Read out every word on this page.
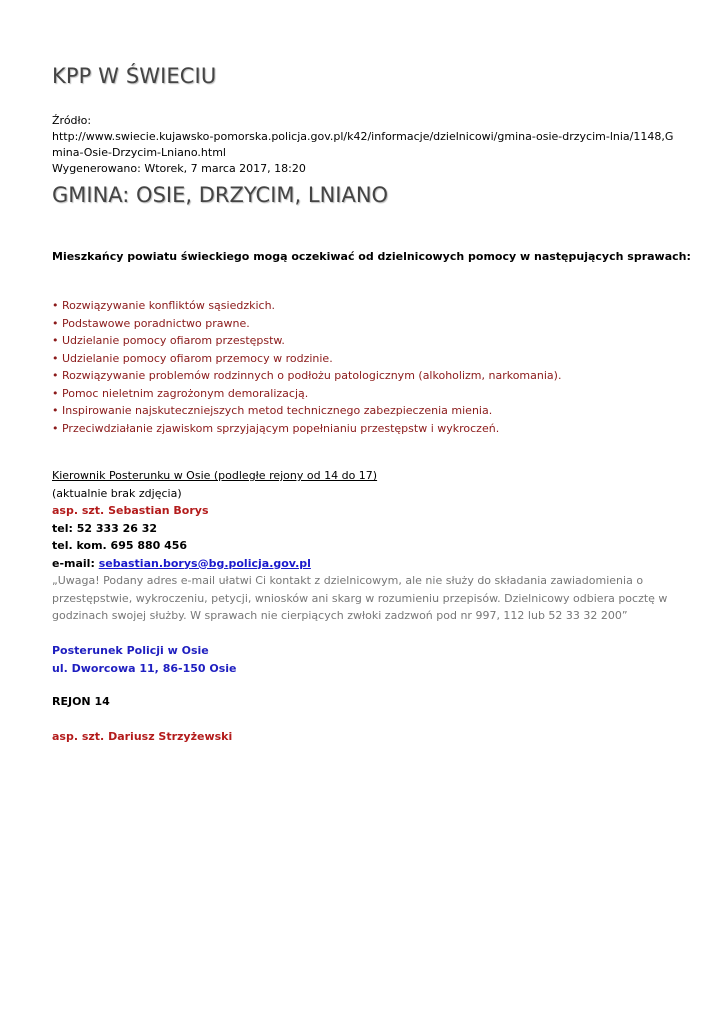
KPP W ŚWIECIU
Źródło:
http://www.swiecie.kujawsko-pomorska.policja.gov.pl/k42/informacje/dzielnicowi/gmina-osie-drzycim-lnia/1148,Gmina-Osie-Drzycim-Lniano.html
Wygenerowano: Wtorek, 7 marca 2017, 18:20
GMINA: OSIE, DRZYCIM, LNIANO

Mieszkańcy powiatu świeckiego mogą oczekiwać od dzielnicowych pomocy w następujących sprawach:

• Rozwiązywanie konfliktów sąsiedzkich.
• Podstawowe poradnictwo prawne.
• Udzielanie pomocy ofiarom przestępstw.
• Udzielanie pomocy ofiarom przemocy w rodzinie.
• Rozwiązywanie problemów rodzinnych o podłożu patologicznym (alkoholizm, narkomania).
• Pomoc nieletnim zagrożonym demoralizacją.
• Inspirowanie najskuteczniejszych metod technicznego zabezpieczenia mienia.
• Przeciwdziałanie zjawiskom sprzyjającym popełnianiu przestępstw i wykroczeń.
Kierownik Posterunku w Osie (podległe rejony od 14 do 17)
(aktualnie brak zdjęcia)
asp. szt. Sebastian Borys
tel: 52 333 26 32
tel. kom. 695 880 456
e-mail: sebastian.borys@bg.policja.gov.pl
„Uwaga! Podany adres e-mail ułatwi Ci kontakt z dzielnicowym, ale nie służy do składania zawiadomienia o przestępstwie, wykroczeniu, petycji, wniosków ani skarg w rozumieniu przepisów. Dzielnicowy odbiera pocztę w godzinach swojej służby. W sprawach nie cierpiących zwłoki zadzwoń pod nr 997, 112 lub 52 33 32 200”
Posterunek Policji w Osie
ul. Dworcowa 11, 86-150 Osie
REJON 14
asp. szt. Dariusz Strzyżewski
